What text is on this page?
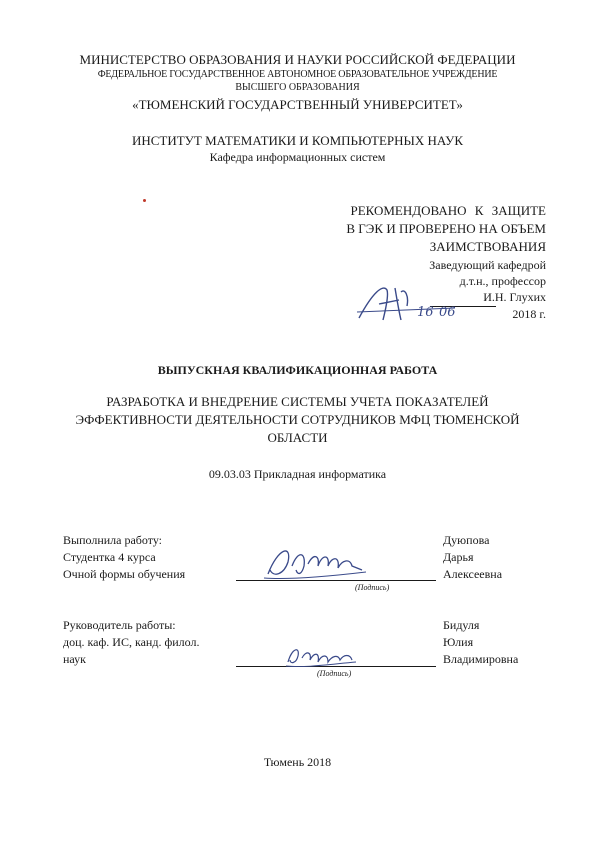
МИНИСТЕРСТВО ОБРАЗОВАНИЯ И НАУКИ РОССИЙСКОЙ ФЕДЕРАЦИИ
ФЕДЕРАЛЬНОЕ ГОСУДАРСТВЕННОЕ АВТОНОМНОЕ ОБРАЗОВАТЕЛЬНОЕ УЧРЕЖДЕНИЕ
ВЫСШЕГО ОБРАЗОВАНИЯ
«ТЮМЕНСКИЙ ГОСУДАРСТВЕННЫЙ УНИВЕРСИТЕТ»
ИНСТИТУТ МАТЕМАТИКИ И КОМПЬЮТЕРНЫХ НАУК
Кафедра информационных систем
РЕКОМЕНДОВАНО К ЗАЩИТЕ
В ГЭК И ПРОВЕРЕНО НА ОБЪЕМ
ЗАИМСТВОВАНИЯ
Заведующий кафедрой
д.т.н., профессор
И.Н. Глухих
2018 г.
16 06
ВЫПУСКНАЯ КВАЛИФИКАЦИОННАЯ РАБОТА
РАЗРАБОТКА И ВНЕДРЕНИЕ СИСТЕМЫ УЧЕТА ПОКАЗАТЕЛЕЙ
ЭФФЕКТИВНОСТИ ДЕЯТЕЛЬНОСТИ СОТРУДНИКОВ МФЦ ТЮМЕНСКОЙ
ОБЛАСТИ
09.03.03 Прикладная информатика
Выполнила работу:
Студентка 4 курса
Очной формы обучения
(Подпись)
Дуюпова
Дарья
Алексеевна
Руководитель работы:
доц. каф. ИС, канд. филол.
наук
(Подпись)
Бидуля
Юлия
Владимировна
Тюмень 2018
